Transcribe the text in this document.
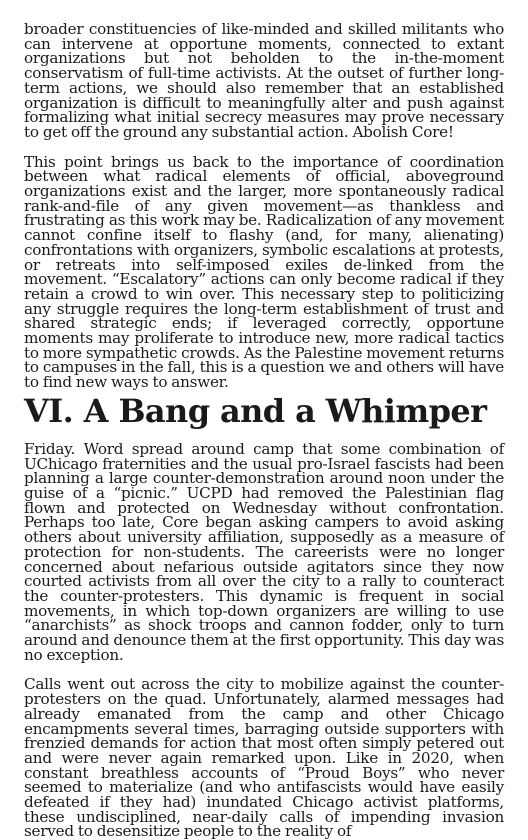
broader constituencies of like-minded and skilled militants who can intervene at opportune moments, connected to extant organizations but not beholden to the in-the-moment conservatism of full-time activists. At the outset of further long-term actions, we should also remember that an established organization is difficult to meaningfully alter and push against formalizing what initial secrecy measures may prove necessary to get off the ground any substantial action. Abolish Core!

This point brings us back to the importance of coordination between what radical elements of official, aboveground organizations exist and the larger, more spontaneously radical rank-and-file of any given movement—as thankless and frustrating as this work may be. Radicalization of any movement cannot confine itself to flashy (and, for many, alienating) confrontations with organizers, symbolic escalations at protests, or retreats into self-imposed exiles de-linked from the movement. “Escalatory” actions can only become radical if they retain a crowd to win over. This necessary step to politicizing any struggle requires the long-term establishment of trust and shared strategic ends; if leveraged correctly, opportune moments may proliferate to introduce new, more radical tactics to more sympathetic crowds. As the Palestine movement returns to campuses in the fall, this is a question we and others will have to find new ways to answer.

VI. A Bang and a Whimper

Friday. Word spread around camp that some combination of UChicago fraternities and the usual pro-Israel fascists had been planning a large counter-demonstration around noon under the guise of a “picnic.” UCPD had removed the Palestinian flag flown and protected on Wednesday without confrontation. Perhaps too late, Core began asking campers to avoid asking others about university affiliation, supposedly as a measure of protection for non-students. The careerists were no longer concerned about nefarious outside agitators since they now courted activists from all over the city to a rally to counteract the counter-protesters. This dynamic is frequent in social movements, in which top-down organizers are willing to use “anarchists” as shock troops and cannon fodder, only to turn around and denounce them at the first opportunity. This day was no exception.

Calls went out across the city to mobilize against the counter-protesters on the quad. Unfortunately, alarmed messages had already emanated from the camp and other Chicago encampments several times, barraging outside supporters with frenzied demands for action that most often simply petered out and were never again remarked upon. Like in 2020, when constant breathless accounts of “Proud Boys” who never seemed to materialize (and who antifascists would have easily defeated if they had) inundated Chicago activist platforms, these undisciplined, near-daily calls of impending invasion served to desensitize people to the reality of
